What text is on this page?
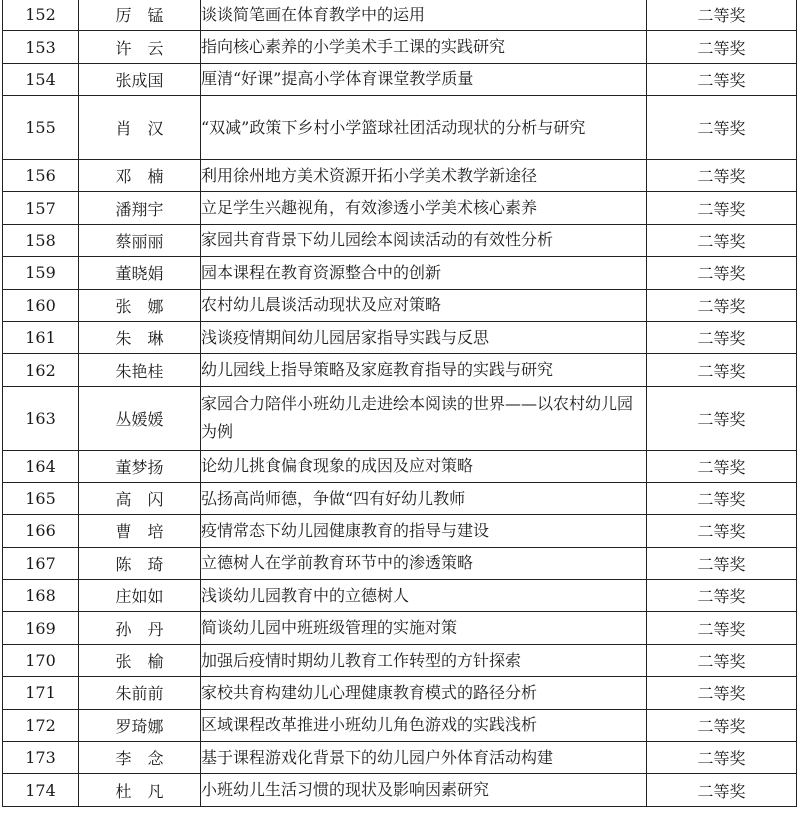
152	厉　锰	谈谈简笔画在体育教学中的运用	二等奖
153	许　云	指向核心素养的小学美术手工课的实践研究	二等奖
154	张成国	厘清“好课”提高小学体育课堂教学质量	二等奖
155	肖　汉	“双减”政策下乡村小学篮球社团活动现状的分析与研究	二等奖
156	邓　楠	利用徐州地方美术资源开拓小学美术教学新途径	二等奖
157	潘翔宇	立足学生兴趣视角，有效渗透小学美术核心素养	二等奖
158	蔡丽丽	家园共育背景下幼儿园绘本阅读活动的有效性分析	二等奖
159	董晓娟	园本课程在教育资源整合中的创新	二等奖
160	张　娜	农村幼儿晨谈活动现状及应对策略	二等奖
161	朱　琳	浅谈疫情期间幼儿园居家指导实践与反思	二等奖
162	朱艳桂	幼儿园线上指导策略及家庭教育指导的实践与研究	二等奖
163	丛媛媛	家园合力陪伴小班幼儿走进绘本阅读的世界——以农村幼儿园为例	二等奖
164	董梦扬	论幼儿挑食偏食现象的成因及应对策略	二等奖
165	高　闪	弘扬高尚师德，争做“四有好幼儿教师	二等奖
166	曹　培	疫情常态下幼儿园健康教育的指导与建设	二等奖
167	陈　琦	立德树人在学前教育环节中的渗透策略	二等奖
168	庄如如	浅谈幼儿园教育中的立德树人	二等奖
169	孙　丹	简谈幼儿园中班班级管理的实施对策	二等奖
170	张　榆	加强后疫情时期幼儿教育工作转型的方针探索	二等奖
171	朱前前	家校共育构建幼儿心理健康教育模式的路径分析	二等奖
172	罗琦娜	区域课程改革推进小班幼儿角色游戏的实践浅析	二等奖
173	李　念	基于课程游戏化背景下的幼儿园户外体育活动构建	二等奖
174	杜　凡	小班幼儿生活习惯的现状及影响因素研究	二等奖
